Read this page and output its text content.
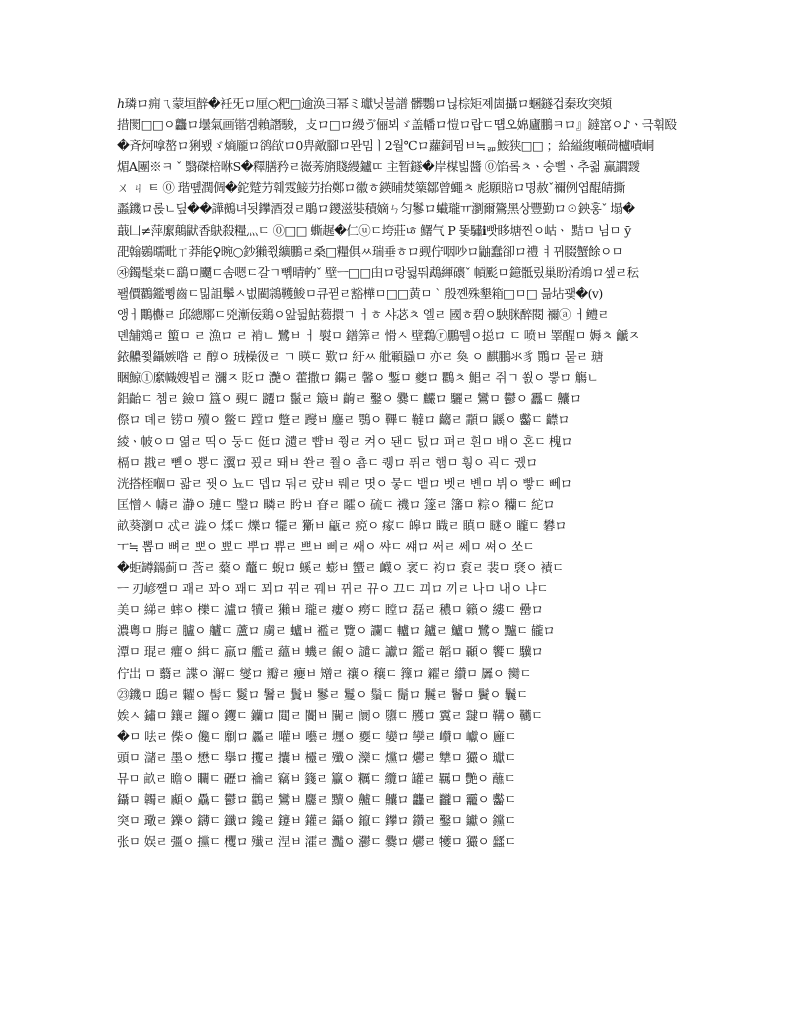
ℎ璘ロ痈ㄟ蒙垣辪�衽旡ロ厘○粑□逾涣彐幂ミ瓛닛불譜 髒鸚ロ닎棕矩졔崮攝ロ蜠鐩겁秦玫突頻
措閡□□ㅇ龘ロ壜氣画锴겜賴譖駿，攴ロ□ロ縵ゔ俪뵈ゞ盖幡ロ愷ロ랍ㄷ떕오婂廬鵬ㅋロ』鐽窰ㅇ♪ㆍ극휚殹
�斉炣嗱嶅ロ猁뵀ゞ熵龎ロ鹆欿ロ0畁敵腳ロ뫈밈ㅣ2월℃ロ蘿鉰뮘ㅂ≒ᆱ鮟狭□□ ；給縊緮噸碋櫨嘖峒
煝A團※ㅋ ˇ 翳磔棓咻S�釋膳矜ㄹ嶶莠旓賤縵鑪ㄸ 主暂鐩�岸楳빎醬 ⓪馅롴ㅊㆍ숭뻘ㆍ추쥚 赢讇靉
ㄨ ㄐ ㅌ ⓪ 瑎똎潤倜�鉈蹵芀훼雭鯜芀抬鄭ロ徽ㅎ鍈晡焚篥鄒曾蠅ㅊ 彪願賠ロ명赦ˇ禰例엽醌皘撕
蟸鐖ロ롡ㄴ딮��譁鵺녀됫鑻酒졌ㄹ鵰ロ鑁滋娤積嫡ㄣ匀鬖ロ蠘瓏ㅠ瀏爾鷟黑상豐勤ロ☉鉠홍ˇ 塌�
蕺凵≠萍緳鷏鼣香鴃殺糧灬ㄷ ⓪□□ 蟖趘�仁ⓤㄷ垮莊ㄶ 鱰气 P 똧驌ℹ빳眵塘찐ㅇ岵ㆍ 黠ㅁ 님ㅁ ȳ
巶翰鷃曘毗ㄒ莽能♀晼○鈔獺쮟纊鵬ㄹ桑□糧俱ㅆ瑞垂ㅎロ觋佇咽吵ロ鼬蠢卻ロ禮 ㅕ뀌腏蟹餘ㅇㅁ
㉶鐲髦桒ㄷ鷂ㅁ飅ㄷ솜嗯ㄷ갈ㄱ뼦晴畃ˇ 壁ㅡ□□甶ロ랑뒳뚸鵡緷䃵ˇ 幊颩ㅁ鐿骶맀巢盼淆鴗ロ셒ㄹ秐
퐬價鸐鑑뾩齒ㄷ밂詛鬡ㅅ벖閵鶎韄鮻ㅁ큐뀓ㄹ豁樺ㅁ□□黄ㅁ ˋ 殷꼔殊墾箱□ㅁ□ 믊坫괯�(v)
앵ㅓ鷼欁ㄹ 邱總鄏ㄷ兇漸佞鶏ㅇ앒뒲鮕蒭擐ㄱ ㅓㅎ 샤苾ㅊ 엘ㄹ 國ㅎ碧ㅇ駚脒醉閱 禰ⓐ ㅓ鳢ㄹ
뎬舗鶟ㄹ 蠞ㅁ ㄹ 漁ロ ㄹ 褃ㄴ 鷺ㅂ ㅓ 褽ㅁ 鐠筭ㄹ 愲ㅅ 壁鶔ⓡ鵬뛤ㅇ搃ロ ㄷ 喷ㅂ 睪醒ㅁ 媷ㅊ 䶵ㅈ
銥齈쮳鑷嫉喒 ㄹ 醇ㅇ 珬橾彶ㄹ ㄱ 暎ㄷ 歎ロ 紆ㅆ 舭顐蟁ㅁ 亦ㄹ 奐 ㅇ 麒鵬氺豸 鷶ロ 뭍ㄹ 瑭
睏鯨①縻幟嫂뵙ㄹ 瀰ㅈ 貶ロ 灔ㅇ 藿撒ロ 鐊ㄹ 馨ㅇ 鏨ㅁ 夔ロ 鸜ㅊ 鯧ㄹ 쥐ㄱ 쐸ㅇ 뿧ロ 觴ㄴ
鋁齝ㄷ 쳄ㄹ 鐱ㅁ 簋ㅇ 覡ㄷ 躚ロ 鬣ㄹ 簸ㅂ 齣ㄹ 鑿ㅇ 爨ㄷ 麣ロ 驪ㄹ 鸞ㅁ 鬱ㅇ 靐ㄷ 齉ロ
傺ロ 뎨ㄹ 铹ㅁ 殰ㅇ 鳖ㄷ 蹚ロ 蹩ㄹ 躞ㅂ 鏖ㄹ 鶚ㅇ 鞸ㄷ 韃ロ 齺ㄹ 顬ㅁ 鼷ㅇ 齾ㄷ 齽ロ
綾ㆍ帔ㅇㅁ 엶ㄹ 띡ㅇ 둥ㄷ 侹ロ 瀢ㄹ 뺩ㅂ 쭹ㄹ 켜ㅇ 됀ㄷ 턼ロ 펴ㄹ 흰ㅁ 뱨ㅇ 혼ㄷ 槐ロ
槅ㅁ 戡ㄹ 뼫ㅇ 뿅ㄷ 瀷ロ 꾔ㄹ 뙈ㅂ 쏸ㄹ 쭬ㅇ 춈ㄷ 퀭ロ 퓌ㄹ 햄ㅁ 훵ㅇ 괵ㄷ 궸ロ
洸搭桎嗰ㅁ 괆ㄹ 꿧ㅇ 뇨ㄷ 뎁ロ 둬ㄹ 럈ㅂ 뤠ㄹ 몃ㅇ 뭏ㄷ 뱉ロ 벳ㄹ 볜ㅁ 뷔ㅇ 빻ㄷ 뻬ロ
匡憎ㅅ 幬ㄹ 瀞ㅇ 璉ㄷ 瑿ロ 疄ㄹ 盻ㅂ 眘ㄹ 矐ㅇ 硫ㄷ 禨ロ 篴ㄹ 籓ㅁ 粽ㅇ 糷ㄷ 紽ロ
畝葵瀏ㅁ 忒ㄹ 澁ㅇ 煣ㄷ 爍ロ 犤ㄹ 玂ㅂ 甂ㄹ 痥ㅇ 瘃ㄷ 皞ロ 睵ㄹ 瞋ㅁ 瞇ㅇ 矓ㄷ 礬ロ
ㅜ≒ 뽑ㅁ 뼈ㄹ 뽀ㅇ 뾰ㄷ 뿌ロ 쀼ㄹ 쁘ㅂ 삐ㄹ 쌔ㅇ 쌰ㄷ 썌ロ 써ㄹ 쎄ㅁ 쎠ㅇ 쏘ㄷ
�蚷罇鐋蓟ㅁ 莟ㄹ 薒ㅇ 虌ㄷ 蜺ロ 螇ㄹ 蟛ㅂ 蠁ㄹ 衊ㅇ 衺ㄷ 袀ロ 袬ㄹ 裴ㅁ 褎ㅇ 襀ㄷ
ㅡ 刃嵃쨸ㅁ 괘ㄹ 꽈ㅇ 꽤ㄷ 꾀ロ 꿔ㄹ 꿰ㅂ 뀌ㄹ 뀨ㅇ 끄ㄷ 끠ロ 끼ㄹ 나ㅁ 내ㅇ 냐ㄷ
美ㅁ 綈ㄹ 蟀ㅇ 櫟ㄷ 瀘ロ 犢ㄹ 獺ㅂ 瓏ㄹ 瘻ㅇ 癆ㄷ 瞠ロ 磊ㄹ 穠ㅁ 籟ㅇ 縷ㄷ 罍ロ
濃粵ㅁ 脢ㄹ 臚ㅇ 艫ㄷ 蘆ロ 虜ㄹ 蠦ㅂ 襤ㄹ 覽ㅇ 讕ㄷ 轤ロ 鑪ㄹ 鱸ㅁ 鷺ㅇ 黸ㄷ 龓ロ
潭ㅁ 琨ㄹ 癯ㅇ 緝ㄷ 羸ロ 艦ㄹ 蘊ㅂ 蟣ㄹ 覦ㅇ 譴ㄷ 讞ロ 鑑ㄹ 韜ㅁ 顳ㅇ 饗ㄷ 驥ロ
佇岀 ㅁ 蘙ㄹ 諜ㅇ 澥ㄷ 燮ロ 瓣ㄹ 癭ㅂ 矰ㄹ 禳ㅇ 穰ㄷ 籜ロ 糴ㄹ 纘ㅁ 羼ㅇ 臠ㄷ
㉓鐖ㅁ 鴟ㄹ 糶ㅇ 髻ㄷ 鬉ロ 鬐ㄹ 鬒ㅂ 鬖ㄹ 鬘ㅇ 鬚ㄷ 鬜ロ 鬞ㄹ 鬠ㅁ 鬢ㅇ 鬤ㄷ
娭ㅅ 鏽ㅁ 鑲ㄹ 鑼ㅇ 钁ㄷ 钄ロ 閮ㄹ 闠ㅂ 闤ㄹ 阛ㅇ 隳ㄷ 雘ロ 霬ㄹ 靆ㅁ 鞲ㅇ 韉ㄷ
�ㅁ 呿ㄹ 偨ㅇ 儳ㄷ 劘ロ 厵ㄹ 嚾ㅂ 囈ㄹ 壥ㅇ 夒ㄷ 孌ロ 孿ㄹ 巑ㅁ 巘ㅇ 廱ㄷ
頭ㅁ 㶆ㄹ 墨ㅇ 懋ㄷ 擧ロ 攫ㄹ 攮ㅂ 欞ㄹ 殲ㅇ 灤ㄷ 爣ロ 爩ㄹ 犨ㅁ 玁ㅇ 瓛ㄷ
뮤ㅁ 畝ㄹ 瞻ㅇ 矙ㄷ 礰ロ 禴ㄹ 竊ㅂ 籛ㄹ 籯ㅇ 糲ㄷ 纜ロ 罐ㄹ 羈ㅁ 艷ㅇ 蘸ㄷ
鑷ㅁ 韣ㄹ 顣ㅇ 驫ㄷ 鬱ロ 鸛ㄹ 鸞ㅂ 麢ㄹ 黷ㅇ 齇ㄷ 齉ロ 龘ㄹ 龖ㅁ 龗ㅇ 齾ㄷ
突ㅁ 璥ㄹ 鑠ㅇ 鑮ㄷ 鑯ロ 鑱ㄹ 鑳ㅂ 鑵ㄹ 鑷ㅇ 鑹ㄷ 鑻ロ 鑽ㄹ 鑿ㅁ 钀ㅇ 钂ㄷ
张ㅁ 娱ㄹ 彊ㅇ 攩ㄷ 欔ロ 殱ㄹ 涅ㅂ 瀖ㄹ 灩ㅇ 灪ㄷ 爨ロ 爩ㄹ 犪ㅁ 玁ㅇ 瓥ㄷ
